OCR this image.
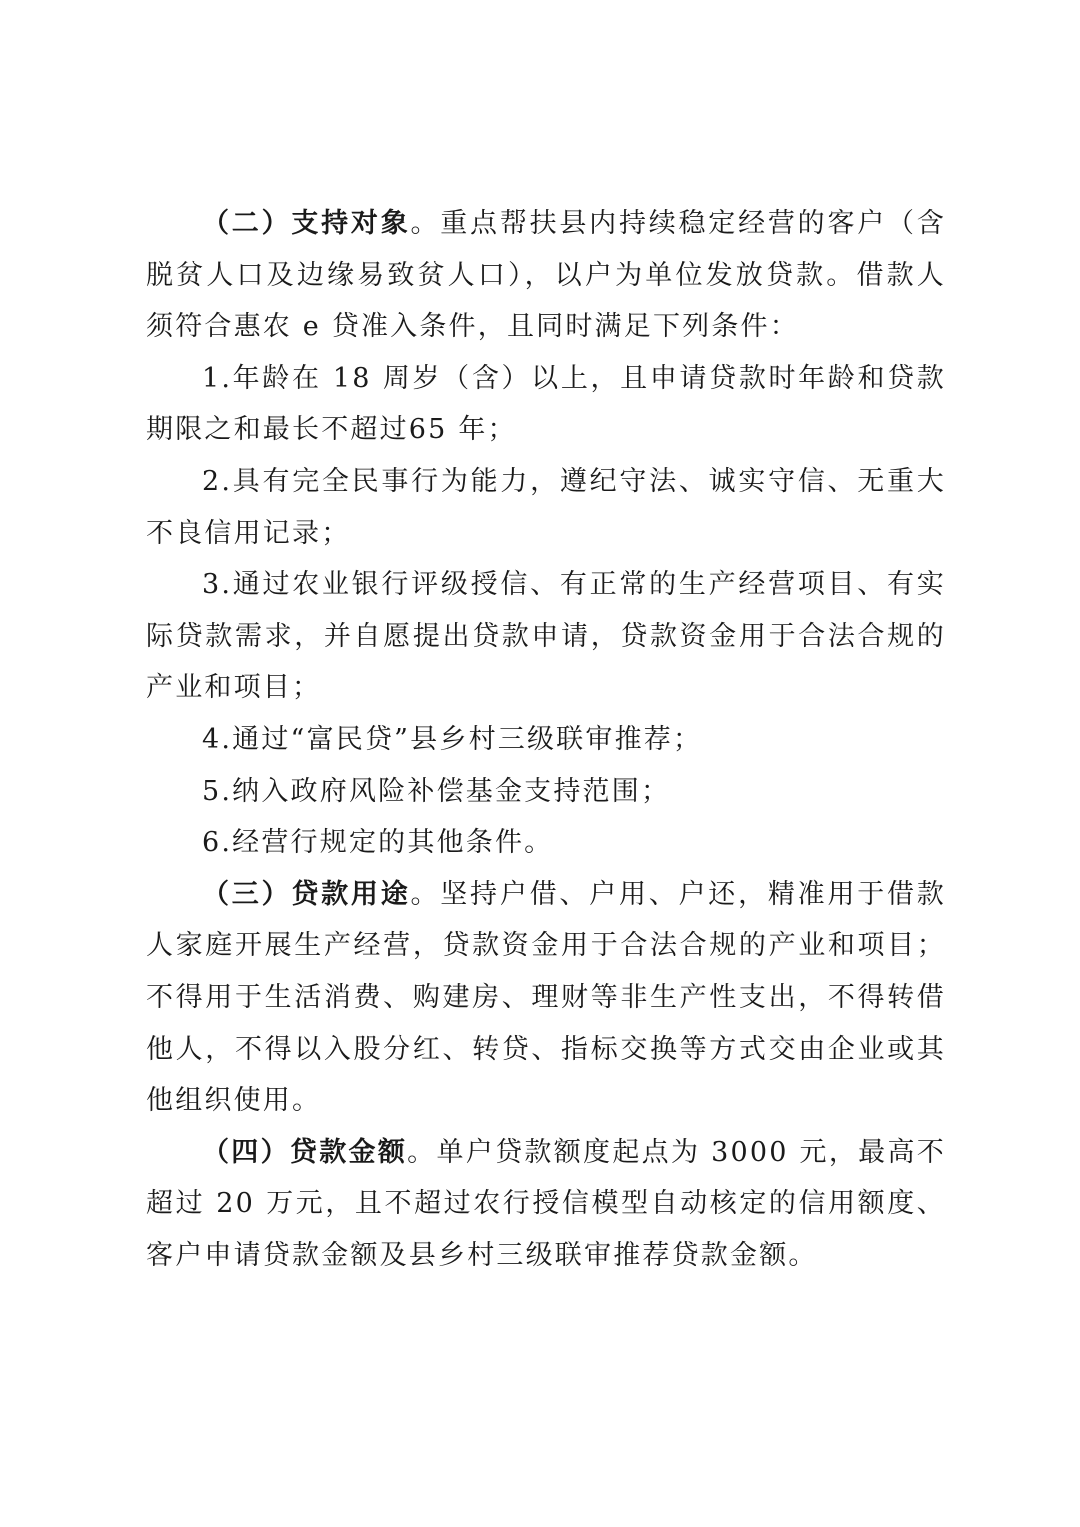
（二）支持对象。重点帮扶县内持续稳定经营的客户（含脱贫人口及边缘易致贫人口），以户为单位发放贷款。借款人须符合惠农 e 贷准入条件，且同时满足下列条件：

1.年龄在 18 周岁（含）以上，且申请贷款时年龄和贷款期限之和最长不超过65 年；

2.具有完全民事行为能力，遵纪守法、诚实守信、无重大不良信用记录；

3.通过农业银行评级授信、有正常的生产经营项目、有实际贷款需求，并自愿提出贷款申请，贷款资金用于合法合规的产业和项目；

4.通过“富民贷”县乡村三级联审推荐；

5.纳入政府风险补偿基金支持范围；

6.经营行规定的其他条件。

（三）贷款用途。坚持户借、户用、户还，精准用于借款人家庭开展生产经营，贷款资金用于合法合规的产业和项目；不得用于生活消费、购建房、理财等非生产性支出，不得转借他人，不得以入股分红、转贷、指标交换等方式交由企业或其他组织使用。

（四）贷款金额。单户贷款额度起点为 3000 元，最高不超过 20 万元，且不超过农行授信模型自动核定的信用额度、客户申请贷款金额及县乡村三级联审推荐贷款金额。
